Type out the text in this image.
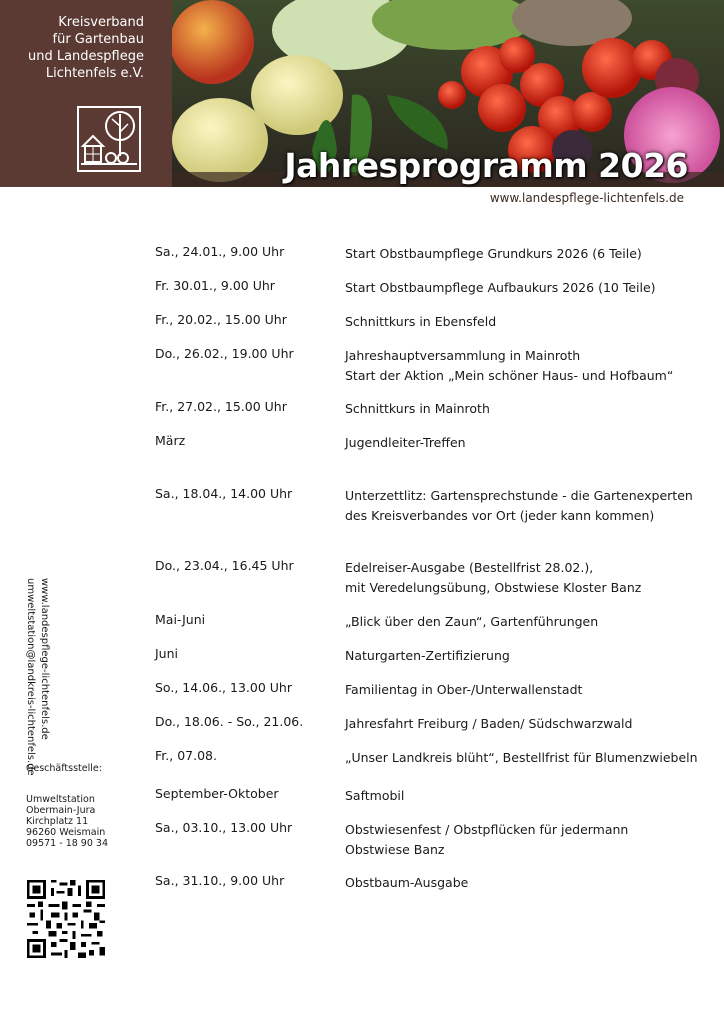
Kreisverband
für Gartenbau
und Landespflege
Lichtenfels e.V.
Jahresprogramm 2026
www.landespflege-lichtenfels.de
Sa., 24.01., 9.00 Uhr	Start Obstbaumpflege Grundkurs 2026 (6 Teile)
Fr. 30.01., 9.00 Uhr	Start Obstbaumpflege Aufbaukurs 2026 (10 Teile)
Fr., 20.02., 15.00 Uhr	Schnittkurs in Ebensfeld
Do., 26.02., 19.00 Uhr	Jahreshauptversammlung in Mainroth
Start der Aktion „Mein schöner Haus- und Hofbaum“
Fr., 27.02., 15.00 Uhr	Schnittkurs in Mainroth
März	Jugendleiter-Treffen
Sa., 18.04., 14.00 Uhr	Unterzettlitz: Gartensprechstunde - die Gartenexperten
des Kreisverbandes vor Ort (jeder kann kommen)
Do., 23.04., 16.45 Uhr	Edelreiser-Ausgabe (Bestellfrist 28.02.),
mit Veredelungsübung, Obstwiese Kloster Banz
Mai-Juni	„Blick über den Zaun“, Gartenführungen
Juni	Naturgarten-Zertifizierung
So., 14.06., 13.00 Uhr	Familientag in Ober-/Unterwallenstadt
Do., 18.06. - So., 21.06.	Jahresfahrt Freiburg / Baden/ Südschwarzwald
Fr., 07.08.	„Unser Landkreis blüht“, Bestellfrist für Blumenzwiebeln
September-Oktober	Saftmobil
Sa., 03.10., 13.00 Uhr	Obstwiesenfest / Obstpflücken für jedermann
Obstwiese Banz
Sa., 31.10., 9.00 Uhr	Obstbaum-Ausgabe
www.landespflege-lichtenfels.de
umweltstation@landkreis-lichtenfels.de
Geschäftsstelle:
Umweltstation
Obermain-Jura
Kirchplatz 11
96260 Weismain
09571 - 18 90 34
